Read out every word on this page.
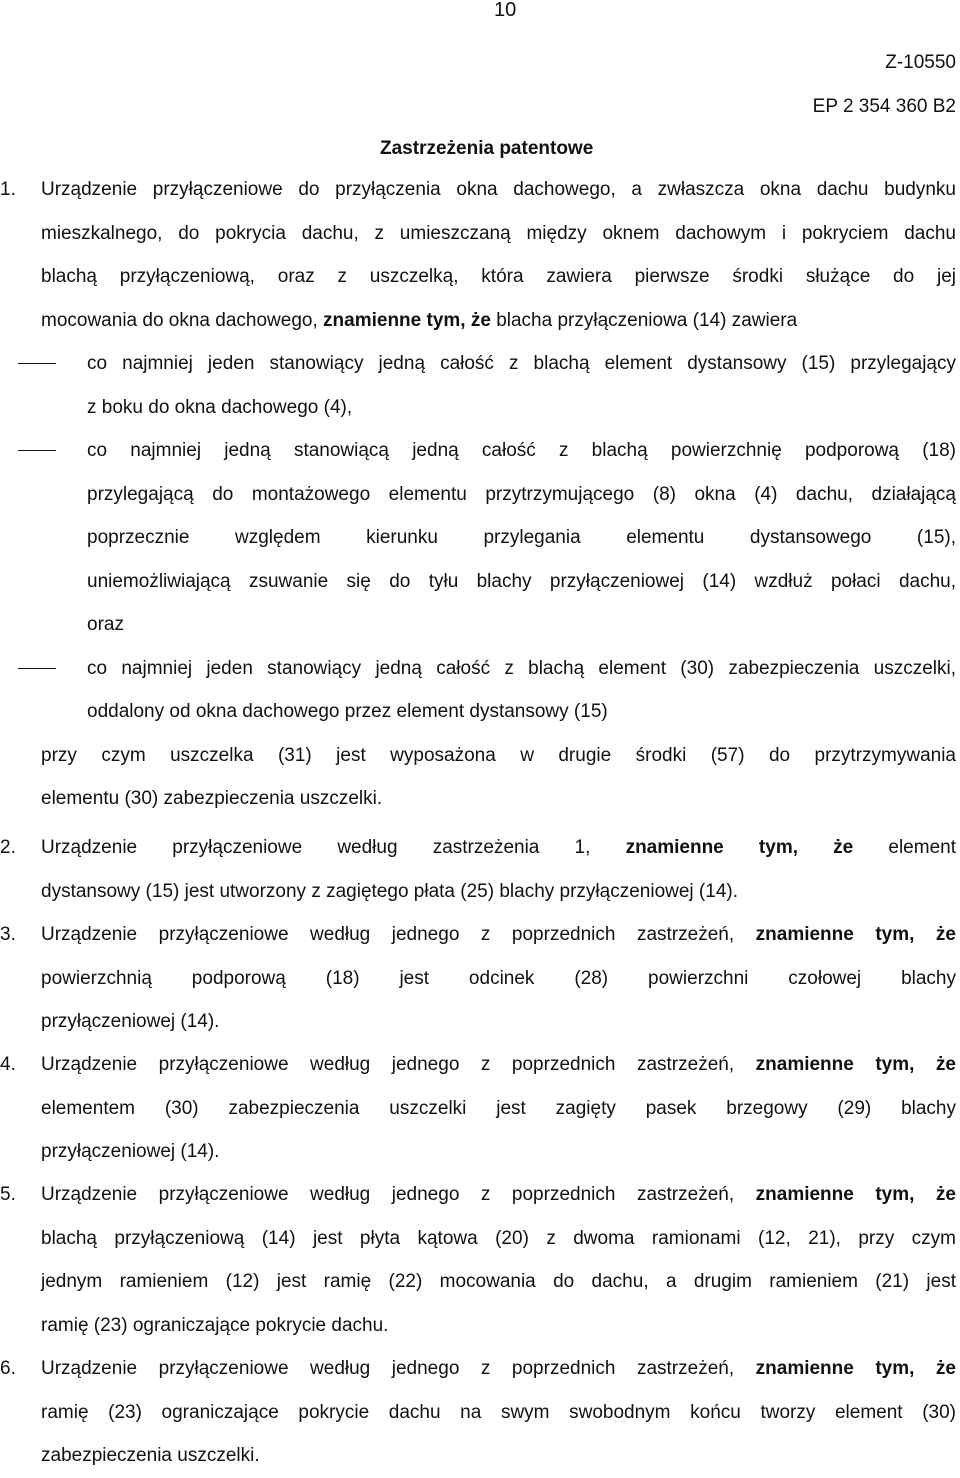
10
Z-10550
EP 2 354 360 B2
Zastrzeżenia patentowe
1.	Urządzenie przyłączeniowe do przyłączenia okna dachowego, a zwłaszcza okna dachu budynku
mieszkalnego, do pokrycia dachu, z umieszczaną między oknem dachowym i pokryciem dachu
blachą przyłączeniową, oraz z uszczelką, która zawiera pierwsze środki służące do jej
mocowania do okna dachowego, znamienne tym, że blacha przyłączeniowa (14) zawiera
co najmniej jeden stanowiący jedną całość z blachą element dystansowy (15) przylegający
z boku do okna dachowego (4),
co najmniej jedną stanowiącą jedną całość z blachą powierzchnię podporową (18)
przylegającą do montażowego elementu przytrzymującego (8) okna (4) dachu, działającą
poprzecznie względem kierunku przylegania elementu dystansowego (15),
uniemożliwiającą zsuwanie się do tyłu blachy przyłączeniowej (14) wzdłuż połaci dachu,
oraz
co najmniej jeden stanowiący jedną całość z blachą element (30) zabezpieczenia uszczelki,
oddalony od okna dachowego przez element dystansowy (15)
przy czym uszczelka (31) jest wyposażona w drugie środki (57) do przytrzymywania
elementu (30) zabezpieczenia uszczelki.
2.	Urządzenie przyłączeniowe według zastrzeżenia 1, znamienne tym, że element
dystansowy (15) jest utworzony z zagiętego płata (25) blachy przyłączeniowej (14).
3.	Urządzenie przyłączeniowe według jednego z poprzednich zastrzeżeń, znamienne tym, że
powierzchnią podporową (18) jest odcinek (28) powierzchni czołowej blachy
przyłączeniowej (14).
4.	Urządzenie przyłączeniowe według jednego z poprzednich zastrzeżeń, znamienne tym, że
elementem (30) zabezpieczenia uszczelki jest zagięty pasek brzegowy (29) blachy
przyłączeniowej (14).
5.	Urządzenie przyłączeniowe według jednego z poprzednich zastrzeżeń, znamienne tym, że
blachą przyłączeniową (14) jest płyta kątowa (20) z dwoma ramionami (12, 21), przy czym
jednym ramieniem (12) jest ramię (22) mocowania do dachu, a drugim ramieniem (21) jest
ramię (23) ograniczające pokrycie dachu.
6.	Urządzenie przyłączeniowe według jednego z poprzednich zastrzeżeń, znamienne tym, że
ramię (23) ograniczające pokrycie dachu na swym swobodnym końcu tworzy element (30)
zabezpieczenia uszczelki.
